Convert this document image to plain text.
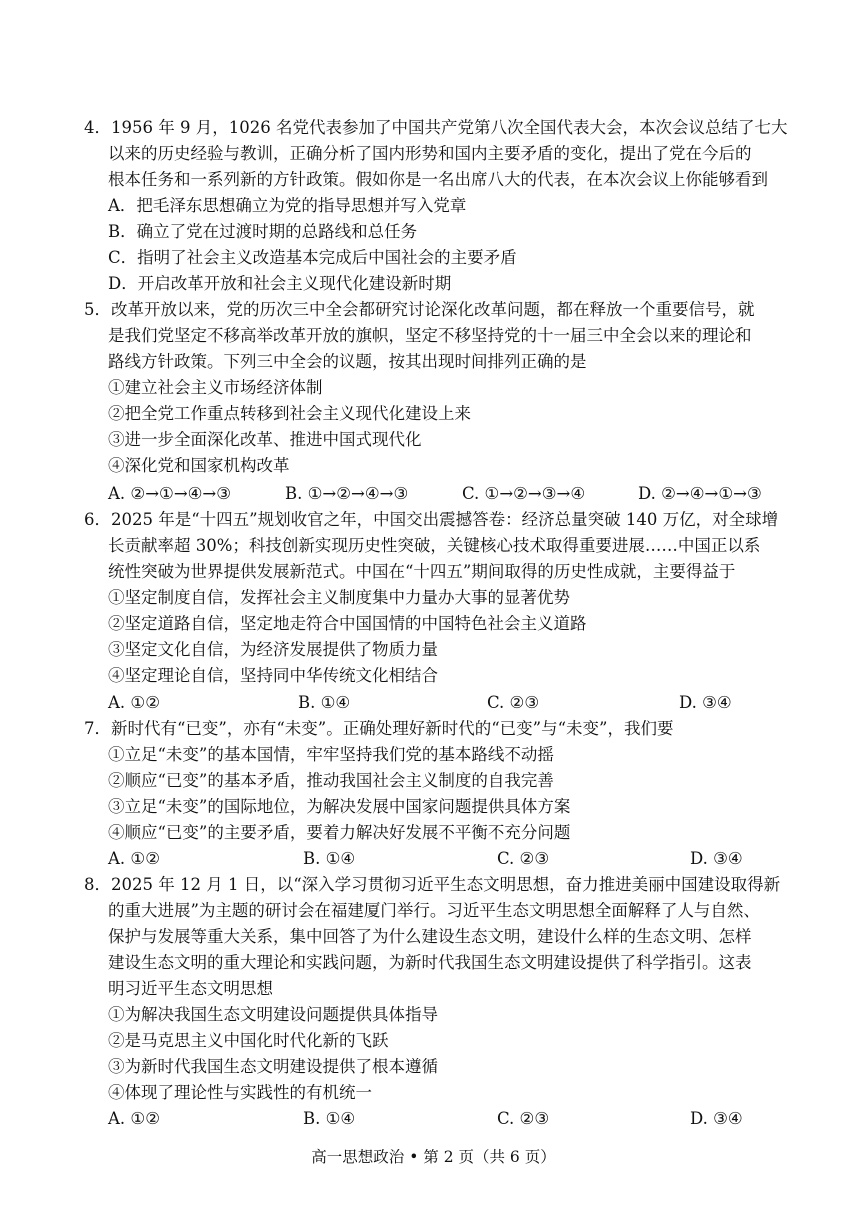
4．1956 年 9 月，1026 名党代表参加了中国共产党第八次全国代表大会，本次会议总结了七大
以来的历史经验与教训，正确分析了国内形势和国内主要矛盾的变化，提出了党在今后的
根本任务和一系列新的方针政策。假如你是一名出席八大的代表，在本次会议上你能够看到
A．把毛泽东思想确立为党的指导思想并写入党章
B．确立了党在过渡时期的总路线和总任务
C．指明了社会主义改造基本完成后中国社会的主要矛盾
D．开启改革开放和社会主义现代化建设新时期
5．改革开放以来，党的历次三中全会都研究讨论深化改革问题，都在释放一个重要信号，就
是我们党坚定不移高举改革开放的旗帜，坚定不移坚持党的十一届三中全会以来的理论和
路线方针政策。下列三中全会的议题，按其出现时间排列正确的是
①建立社会主义市场经济体制
②把全党工作重点转移到社会主义现代化建设上来
③进一步全面深化改革、推进中国式现代化
④深化党和国家机构改革
A. ②→①→④→③	B. ①→②→④→③	C. ①→②→③→④	D. ②→④→①→③
6．2025 年是“十四五”规划收官之年，中国交出震撼答卷：经济总量突破 140 万亿，对全球增
长贡献率超 30%；科技创新实现历史性突破，关键核心技术取得重要进展……中国正以系
统性突破为世界提供发展新范式。中国在“十四五”期间取得的历史性成就，主要得益于
①坚定制度自信，发挥社会主义制度集中力量办大事的显著优势
②坚定道路自信，坚定地走符合中国国情的中国特色社会主义道路
③坚定文化自信，为经济发展提供了物质力量
④坚定理论自信，坚持同中华传统文化相结合
A. ①②	B. ①④	C. ②③	D. ③④
7．新时代有“已变”，亦有“未变”。正确处理好新时代的“已变”与“未变”，我们要
①立足“未变”的基本国情，牢牢坚持我们党的基本路线不动摇
②顺应“已变”的基本矛盾，推动我国社会主义制度的自我完善
③立足“未变”的国际地位，为解决发展中国家问题提供具体方案
④顺应“已变”的主要矛盾，要着力解决好发展不平衡不充分问题
A. ①②	B. ①④	C. ②③	D. ③④
8．2025 年 12 月 1 日，以“深入学习贯彻习近平生态文明思想，奋力推进美丽中国建设取得新
的重大进展”为主题的研讨会在福建厦门举行。习近平生态文明思想全面解释了人与自然、
保护与发展等重大关系，集中回答了为什么建设生态文明，建设什么样的生态文明、怎样
建设生态文明的重大理论和实践问题，为新时代我国生态文明建设提供了科学指引。这表
明习近平生态文明思想
①为解决我国生态文明建设问题提供具体指导
②是马克思主义中国化时代化新的飞跃
③为新时代我国生态文明建设提供了根本遵循
④体现了理论性与实践性的有机统一
A. ①②	B. ①④	C. ②③	D. ③④
高一思想政治 • 第 2 页（共 6 页）
